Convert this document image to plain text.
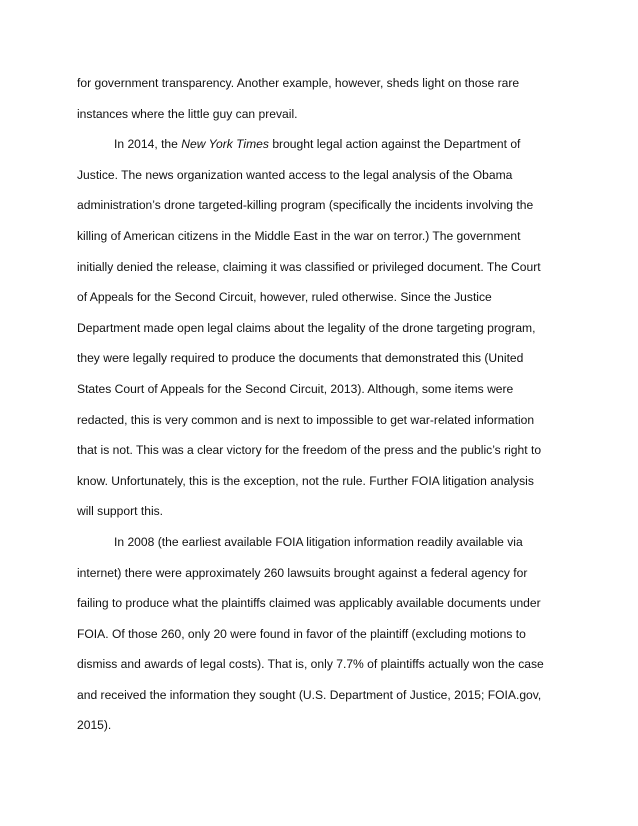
for government transparency. Another example, however, sheds light on those rare
instances where the little guy can prevail.
In 2014, the New York Times brought legal action against the Department of
Justice. The news organization wanted access to the legal analysis of the Obama
administration’s drone targeted-killing program (specifically the incidents involving the
killing of American citizens in the Middle East in the war on terror.) The government
initially denied the release, claiming it was classified or privileged document. The Court
of Appeals for the Second Circuit, however, ruled otherwise. Since the Justice
Department made open legal claims about the legality of the drone targeting program,
they were legally required to produce the documents that demonstrated this (United
States Court of Appeals for the Second Circuit, 2013). Although, some items were
redacted, this is very common and is next to impossible to get war-related information
that is not. This was a clear victory for the freedom of the press and the public’s right to
know. Unfortunately, this is the exception, not the rule. Further FOIA litigation analysis
will support this.
In 2008 (the earliest available FOIA litigation information readily available via
internet) there were approximately 260 lawsuits brought against a federal agency for
failing to produce what the plaintiffs claimed was applicably available documents under
FOIA. Of those 260, only 20 were found in favor of the plaintiff (excluding motions to
dismiss and awards of legal costs). That is, only 7.7% of plaintiffs actually won the case
and received the information they sought (U.S. Department of Justice, 2015; FOIA.gov,
2015).
